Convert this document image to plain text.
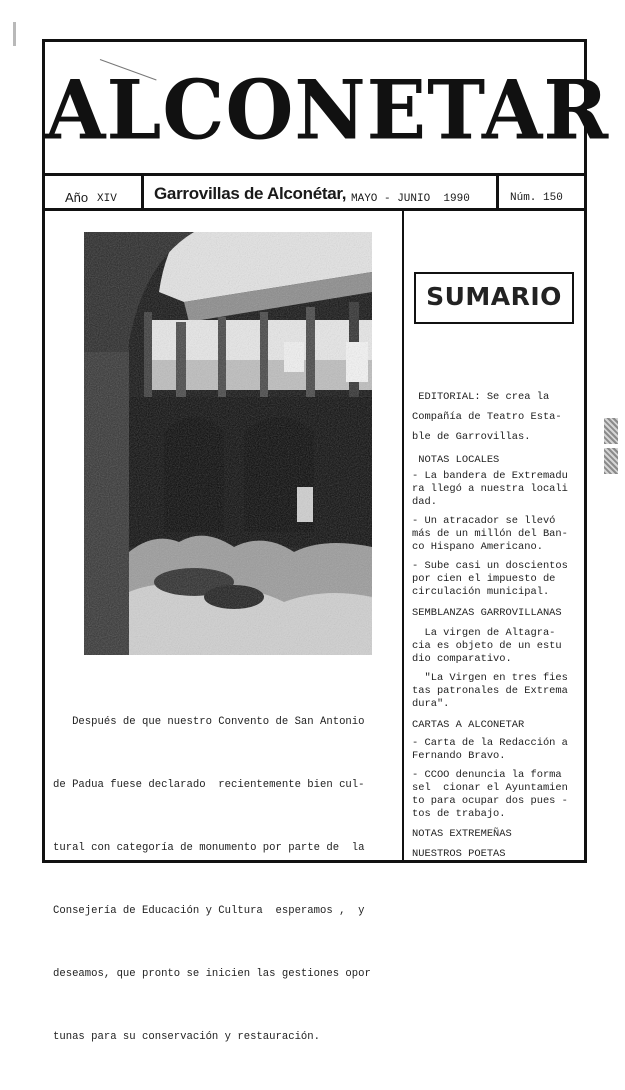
ALCONETAR
Año XIV Garrovillas de Alconétar, MAYO - JUNIO  1990	Núm. 150

Después de que nuestro Convento de San Antonio

de Padua fuese declarado  recientemente bien cul-

tural con categoría de monumento por parte de  la

Consejería de Educación y Cultura  esperamos ,  y

deseamos, que pronto se inicien las gestiones opor

tunas para su conservación y restauración.

SUMARIO
EDITORIAL: Se crea la
Compañía de Teatro Esta-
ble de Garrovillas.
NOTAS LOCALES
- La bandera de Extremadu
ra llegó a nuestra locali
dad.
- Un atracador se llevó
más de un millón del Ban-
co Hispano Americano.
- Sube casi un doscientos
por cien el impuesto de
circulación municipal.
SEMBLANZAS GARROVILLANAS
La virgen de Altagra-
cia es objeto de un estu
dio comparativo.
"La Virgen en tres fies
tas patronales de Extrema
dura".
CARTAS A ALCONETAR
- Carta de la Redacción a
Fernando Bravo.
- CCOO denuncia la forma
sel  cionar el Ayuntamien
to para ocupar dos pues -
tos de trabajo.
NOTAS EXTREMEÑAS
NUESTROS POETAS
